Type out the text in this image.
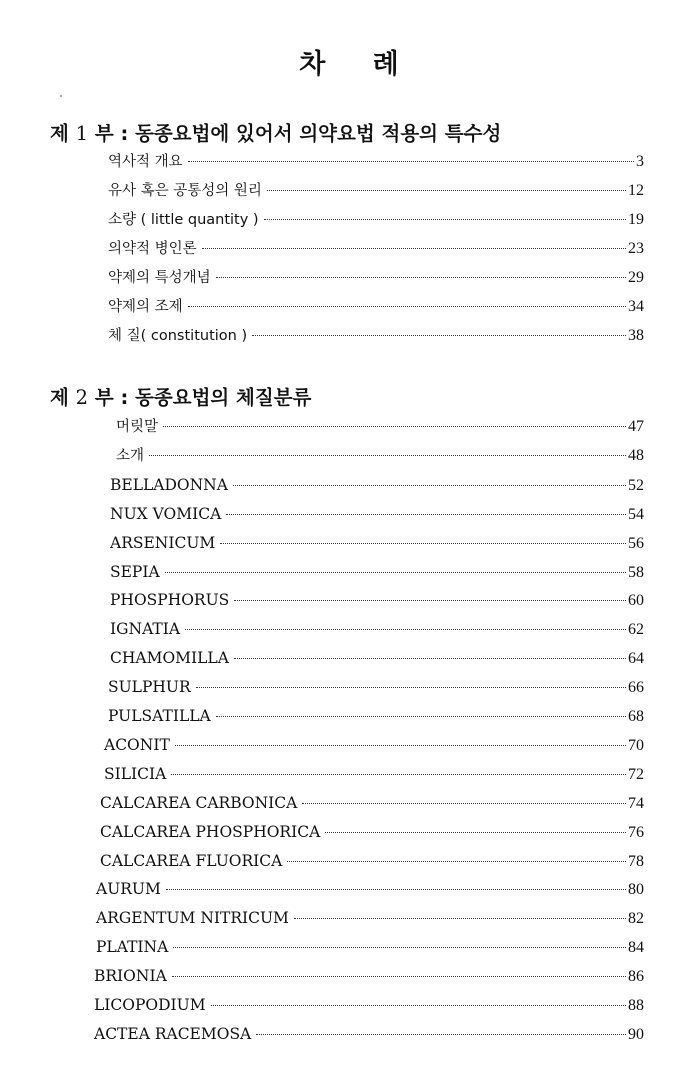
차 례
제 1 부 : 동종요법에 있어서 의약요법 적용의 특수성
제 2 부 : 동종요법의 체질분류
역사적 개요	3
유사 혹은 공통성의 원리	12
소량 ( little quantity )	19
의약적 병인론	23
약제의 특성개념	29
약제의 조제	34
체 질( constitution )	38
머릿말	47
소개	48
BELLADONNA	52
NUX VOMICA	54
ARSENICUM	56
SEPIA	58
PHOSPHORUS	60
IGNATIA	62
CHAMOMILLA	64
SULPHUR	66
PULSATILLA	68
ACONIT	70
SILICIA	72
CALCAREA CARBONICA	74
CALCAREA PHOSPHORICA	76
CALCAREA FLUORICA	78
AURUM	80
ARGENTUM NITRICUM	82
PLATINA	84
BRIONIA	86
LICOPODIUM	88
ACTEA RACEMOSA	90
